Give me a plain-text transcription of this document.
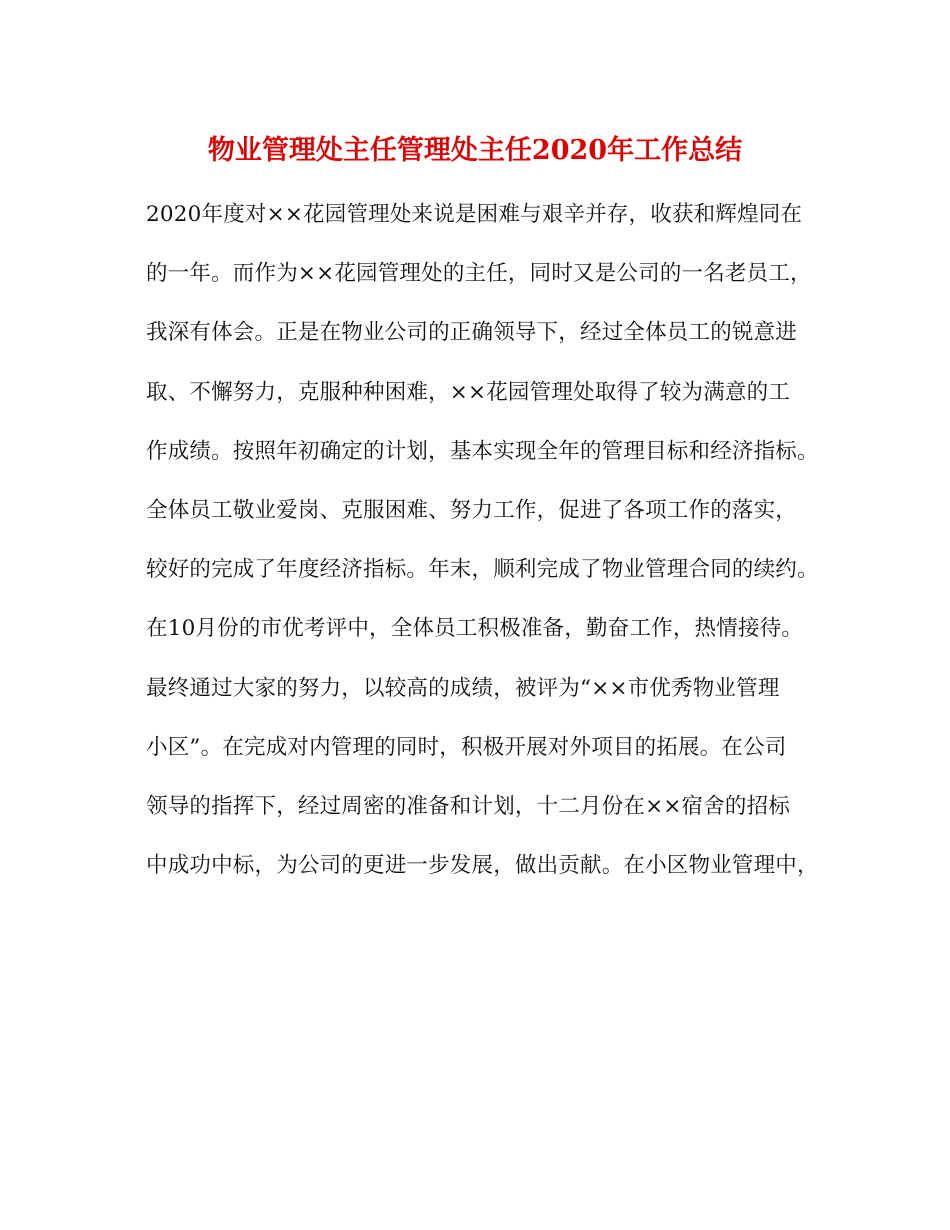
物业管理处主任管理处主任2020年工作总结
2020年度对××花园管理处来说是困难与艰辛并存，收获和辉煌同在
的一年。而作为××花园管理处的主任，同时又是公司的一名老员工，
我深有体会。正是在物业公司的正确领导下，经过全体员工的锐意进
取、不懈努力，克服种种困难，××花园管理处取得了较为满意的工
作成绩。按照年初确定的计划，基本实现全年的管理目标和经济指标。
全体员工敬业爱岗、克服困难、努力工作，促进了各项工作的落实，
较好的完成了年度经济指标。年末，顺利完成了物业管理合同的续约。
在10月份的市优考评中，全体员工积极准备，勤奋工作，热情接待。
最终通过大家的努力，以较高的成绩，被评为“××市优秀物业管理
小区”。在完成对内管理的同时，积极开展对外项目的拓展。在公司
领导的指挥下，经过周密的准备和计划，十二月份在××宿舍的招标
中成功中标，为公司的更进一步发展，做出贡献。在小区物业管理中，
